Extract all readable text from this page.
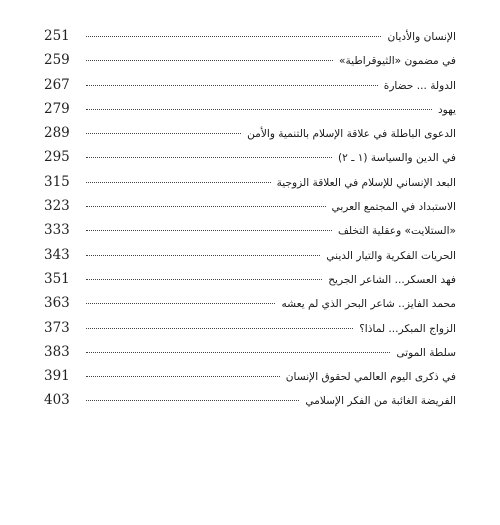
251	الإنسان والأديان
259	في مضمون «الثيوقراطية»
267	الدولة ... حضارة
279	يهود
289	الدعوى الباطلة في علاقة الإسلام بالتنمية والأمن
295	في الدين والسياسة (١ ـ ٢)
315	البعد الإنساني للإسلام في العلاقة الزوجية
323	الاستبداد في المجتمع العربي
333	«الستلايت» وعقلية التخلف
343	الحريات الفكرية والتيار الديني
351	فهد العسكر... الشاعر الجريح
363	محمد الفايز.. شاعر البحر الذي لم يعشه
373	الزواج المبكر... لماذا؟
383	سلطة الموتى
391	في ذكرى اليوم العالمي لحقوق الإنسان
403	الفريضة الغائبة من الفكر الإسلامي
